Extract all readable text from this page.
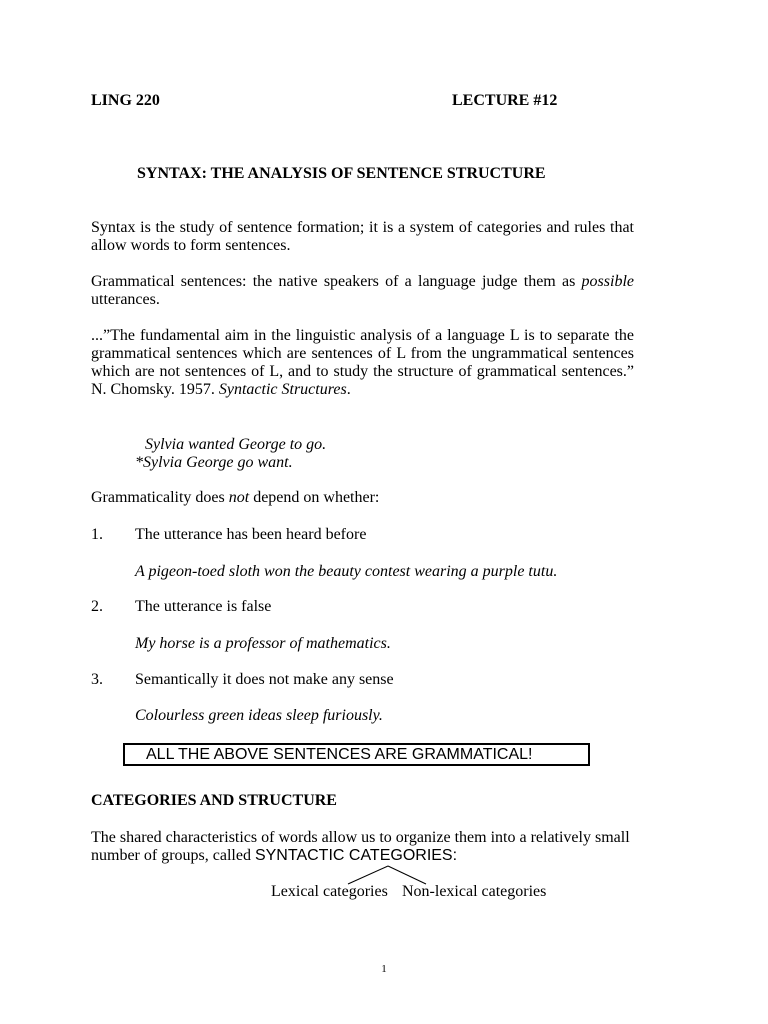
LING 220	LECTURE #12
SYNTAX: THE ANALYSIS OF SENTENCE STRUCTURE
Syntax is the study of sentence formation; it is a system of categories and rules that allow words to form sentences.
Grammatical sentences: the native speakers of a language judge them as possible utterances.
...”The fundamental aim in the linguistic analysis of a language L is to separate the grammatical sentences which are sentences of L from the ungrammatical sentences which are not sentences of L, and to study the structure of grammatical sentences.” N. Chomsky. 1957. Syntactic Structures.
Sylvia wanted George to go.
*Sylvia George go want.
Grammaticality does not depend on whether:
1. The utterance has been heard before
A pigeon-toed sloth won the beauty contest wearing a purple tutu.
2. The utterance is false
My horse is a professor of mathematics.
3. Semantically it does not make any sense
Colourless green ideas sleep furiously.
ALL THE ABOVE SENTENCES ARE GRAMMATICAL!
CATEGORIES AND STRUCTURE
The shared characteristics of words allow us to organize them into a relatively small number of groups, called SYNTACTIC CATEGORIES:
Lexical categories Non-lexical categories
1
